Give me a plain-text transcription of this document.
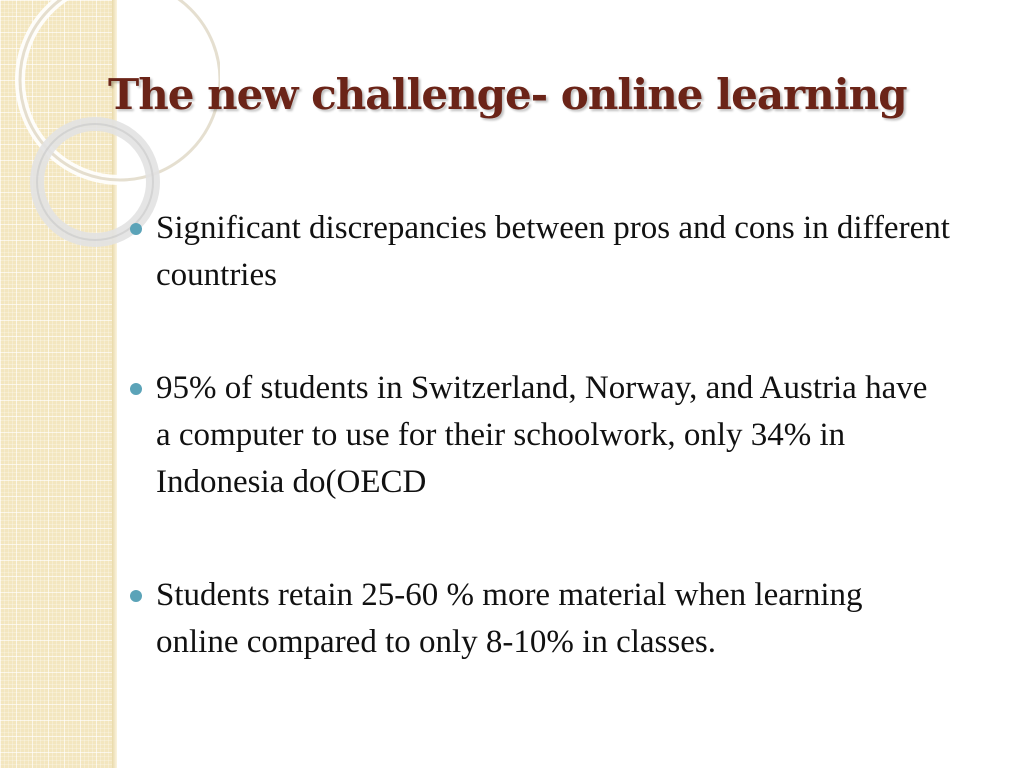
The new challenge- online learning
Significant discrepancies between pros and cons in different countries
95% of students in Switzerland, Norway, and Austria have a computer to use for their schoolwork, only 34% in Indonesia do(OECD
Students retain 25-60 % more material when learning online compared to only 8-10% in classes.
